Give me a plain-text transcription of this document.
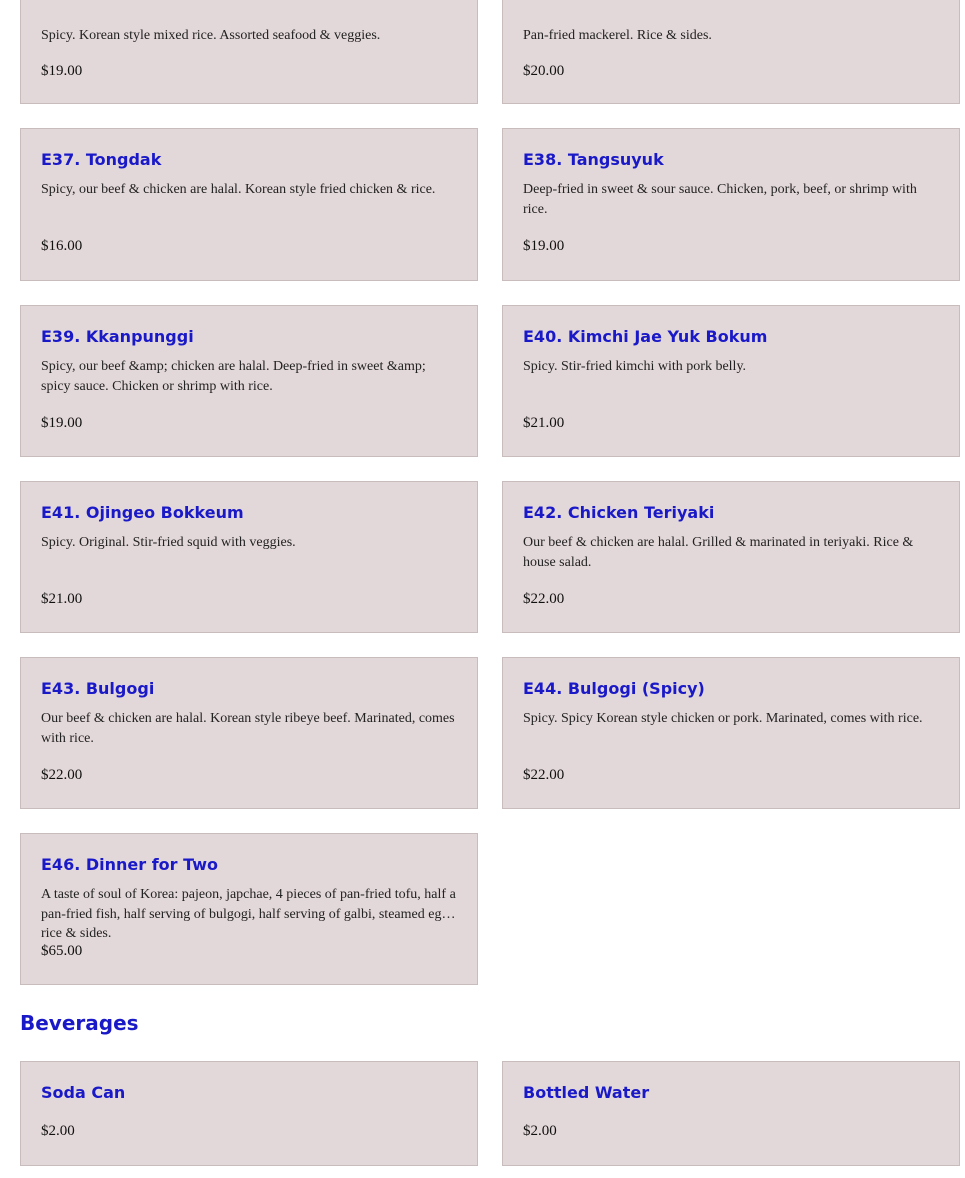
Spicy. Korean style mixed rice. Assorted seafood & veggies.

$19.00

Pan-fried mackerel. Rice & sides.

$20.00

E37. Tongdak

Spicy, our beef & chicken are halal. Korean style fried chicken & rice.

$16.00

E38. Tangsuyuk

Deep-fried in sweet & sour sauce. Chicken, pork, beef, or shrimp with rice.

$19.00

E39. Kkanpunggi

Spicy, our beef &amp; chicken are halal. Deep-fried in sweet &amp; spicy sauce. Chicken or shrimp with rice.

$19.00

E40. Kimchi Jae Yuk Bokum

Spicy. Stir-fried kimchi with pork belly.

$21.00

E41. Ojingeo Bokkeum

Spicy. Original. Stir-fried squid with veggies.

$21.00

E42. Chicken Teriyaki

Our beef & chicken are halal. Grilled & marinated in teriyaki. Rice & house salad.

$22.00

E43. Bulgogi

Our beef & chicken are halal. Korean style ribeye beef. Marinated, comes with rice.

$22.00

E44. Bulgogi (Spicy)

Spicy. Spicy Korean style chicken or pork. Marinated, comes with rice.

$22.00

E46. Dinner for Two

A taste of soul of Korea: pajeon, japchae, 4 pieces of pan-fried tofu, half a pan-fried fish, half serving of bulgogi, half serving of galbi, steamed egg, rice & sides.

$65.00

Beverages
Soda Can

$2.00

Bottled Water

$2.00
